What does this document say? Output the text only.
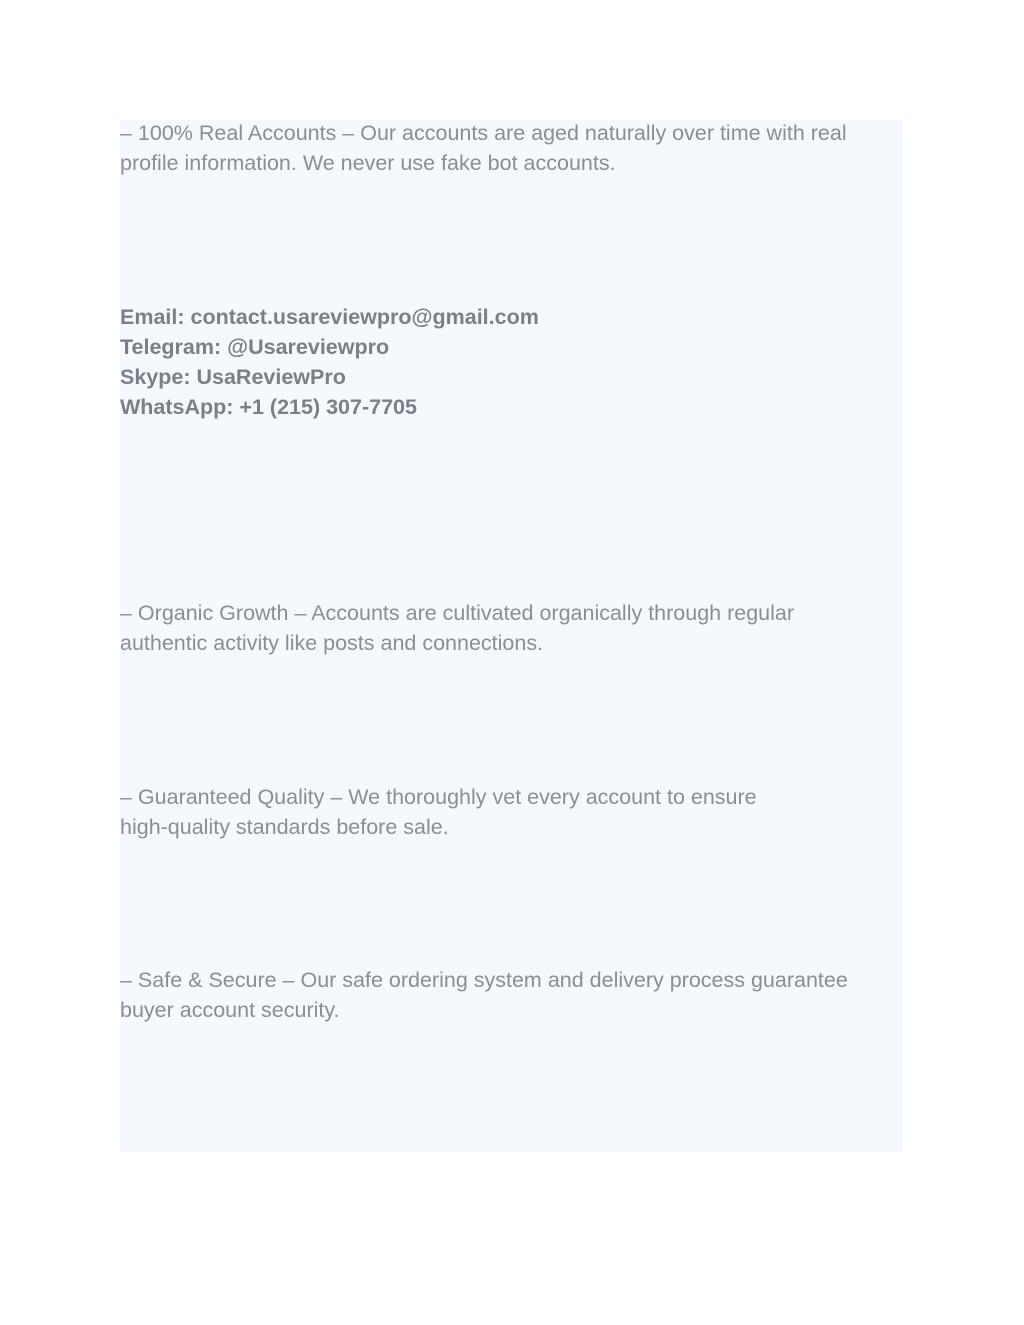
– 100% Real Accounts – Our accounts are aged naturally over time with real
profile information. We never use fake bot accounts.

Email: contact.usareviewpro@gmail.com
Telegram: @Usareviewpro
Skype: UsaReviewPro
WhatsApp: +1 (215) 307-7705

– Organic Growth – Accounts are cultivated organically through regular
authentic activity like posts and connections.

– Guaranteed Quality – We thoroughly vet every account to ensure
high-quality standards before sale.

– Safe & Secure – Our safe ordering system and delivery process guarantee
buyer account security.
